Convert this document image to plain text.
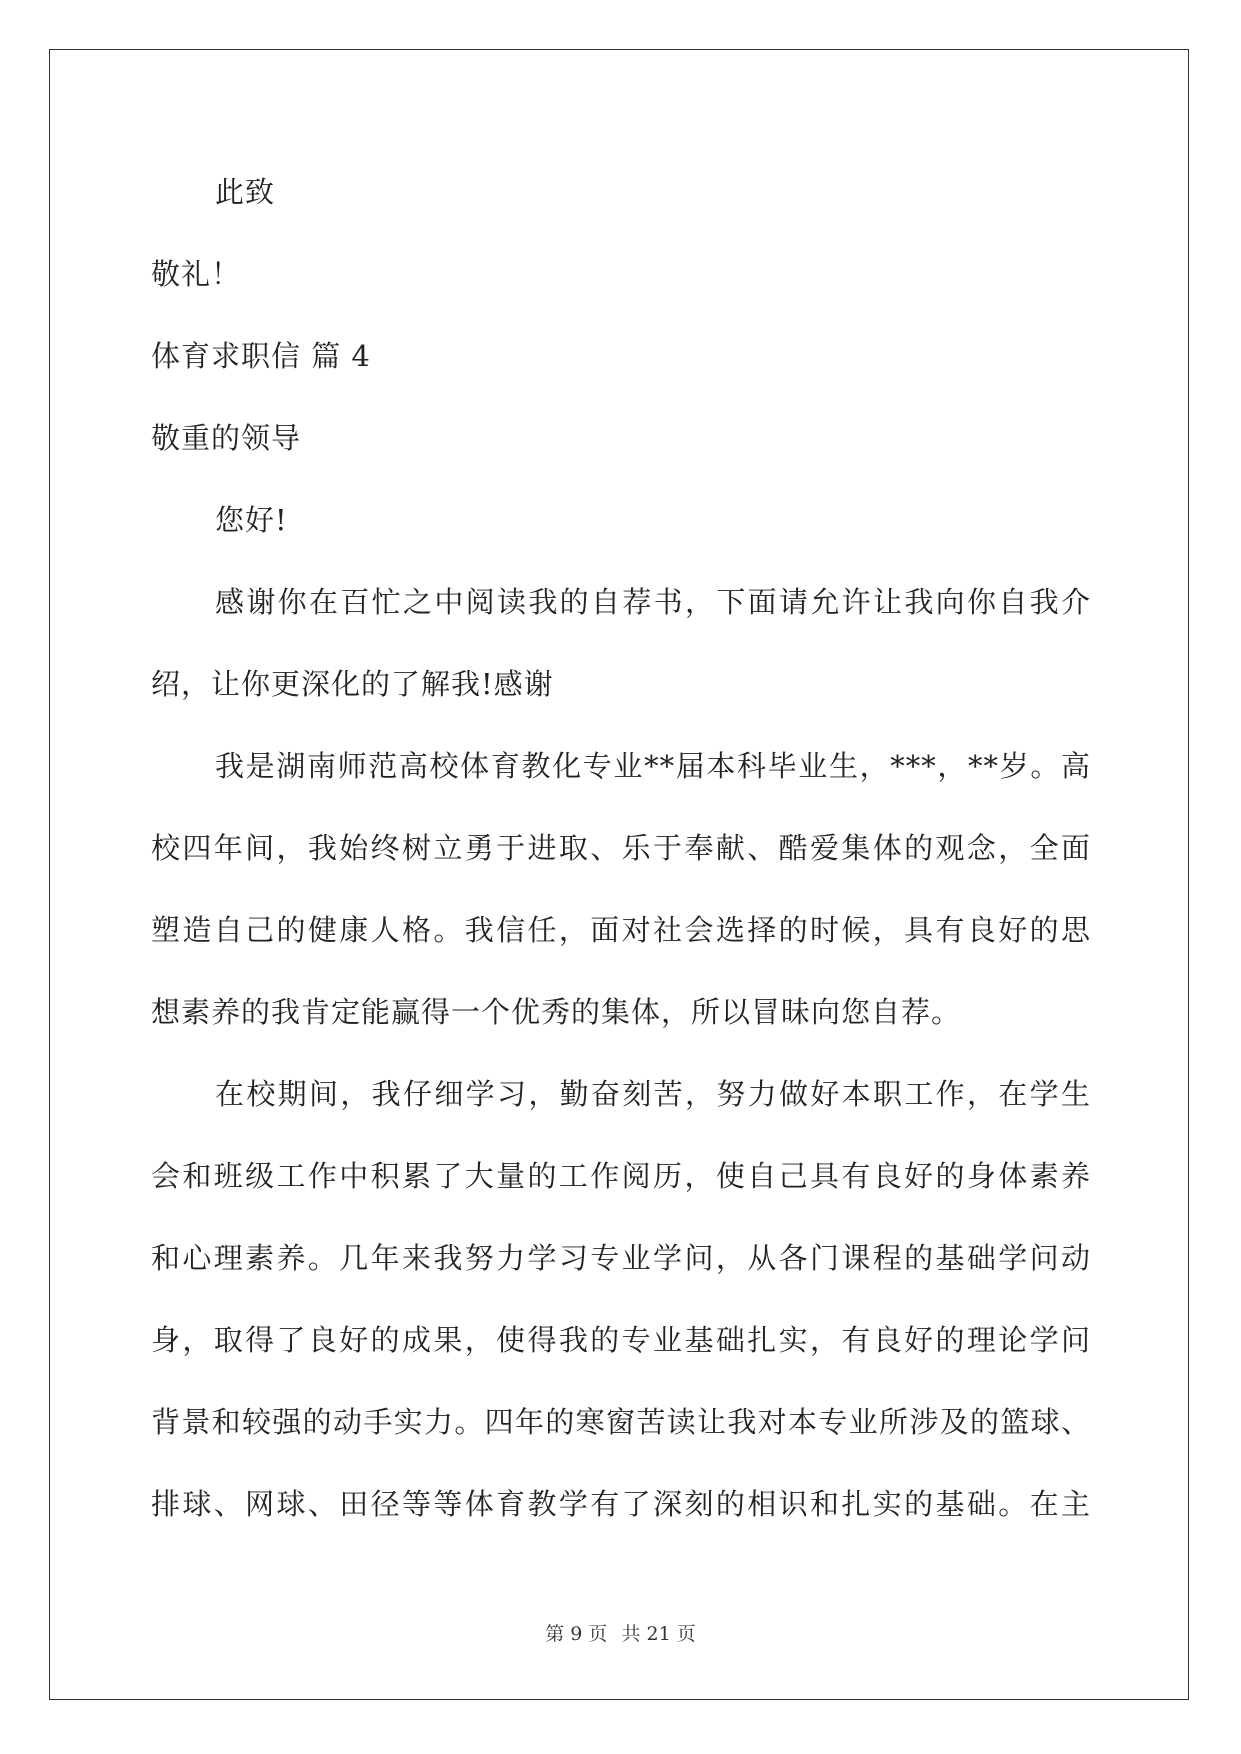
此致
敬礼！
体育求职信 篇 4
敬重的领导
您好!
感谢你在百忙之中阅读我的自荐书，下面请允许让我向你自我介
绍，让你更深化的了解我!感谢
我是湖南师范高校体育教化专业**届本科毕业生，***，**岁。高
校四年间，我始终树立勇于进取、乐于奉献、酷爱集体的观念，全面
塑造自己的健康人格。我信任，面对社会选择的时候，具有良好的思
想素养的我肯定能赢得一个优秀的集体，所以冒昧向您自荐。
在校期间，我仔细学习，勤奋刻苦，努力做好本职工作，在学生
会和班级工作中积累了大量的工作阅历，使自己具有良好的身体素养
和心理素养。几年来我努力学习专业学问，从各门课程的基础学问动
身，取得了良好的成果，使得我的专业基础扎实，有良好的理论学问
背景和较强的动手实力。四年的寒窗苦读让我对本专业所涉及的篮球、
排球、网球、田径等等体育教学有了深刻的相识和扎实的基础。在主
第 9 页 共 21 页
